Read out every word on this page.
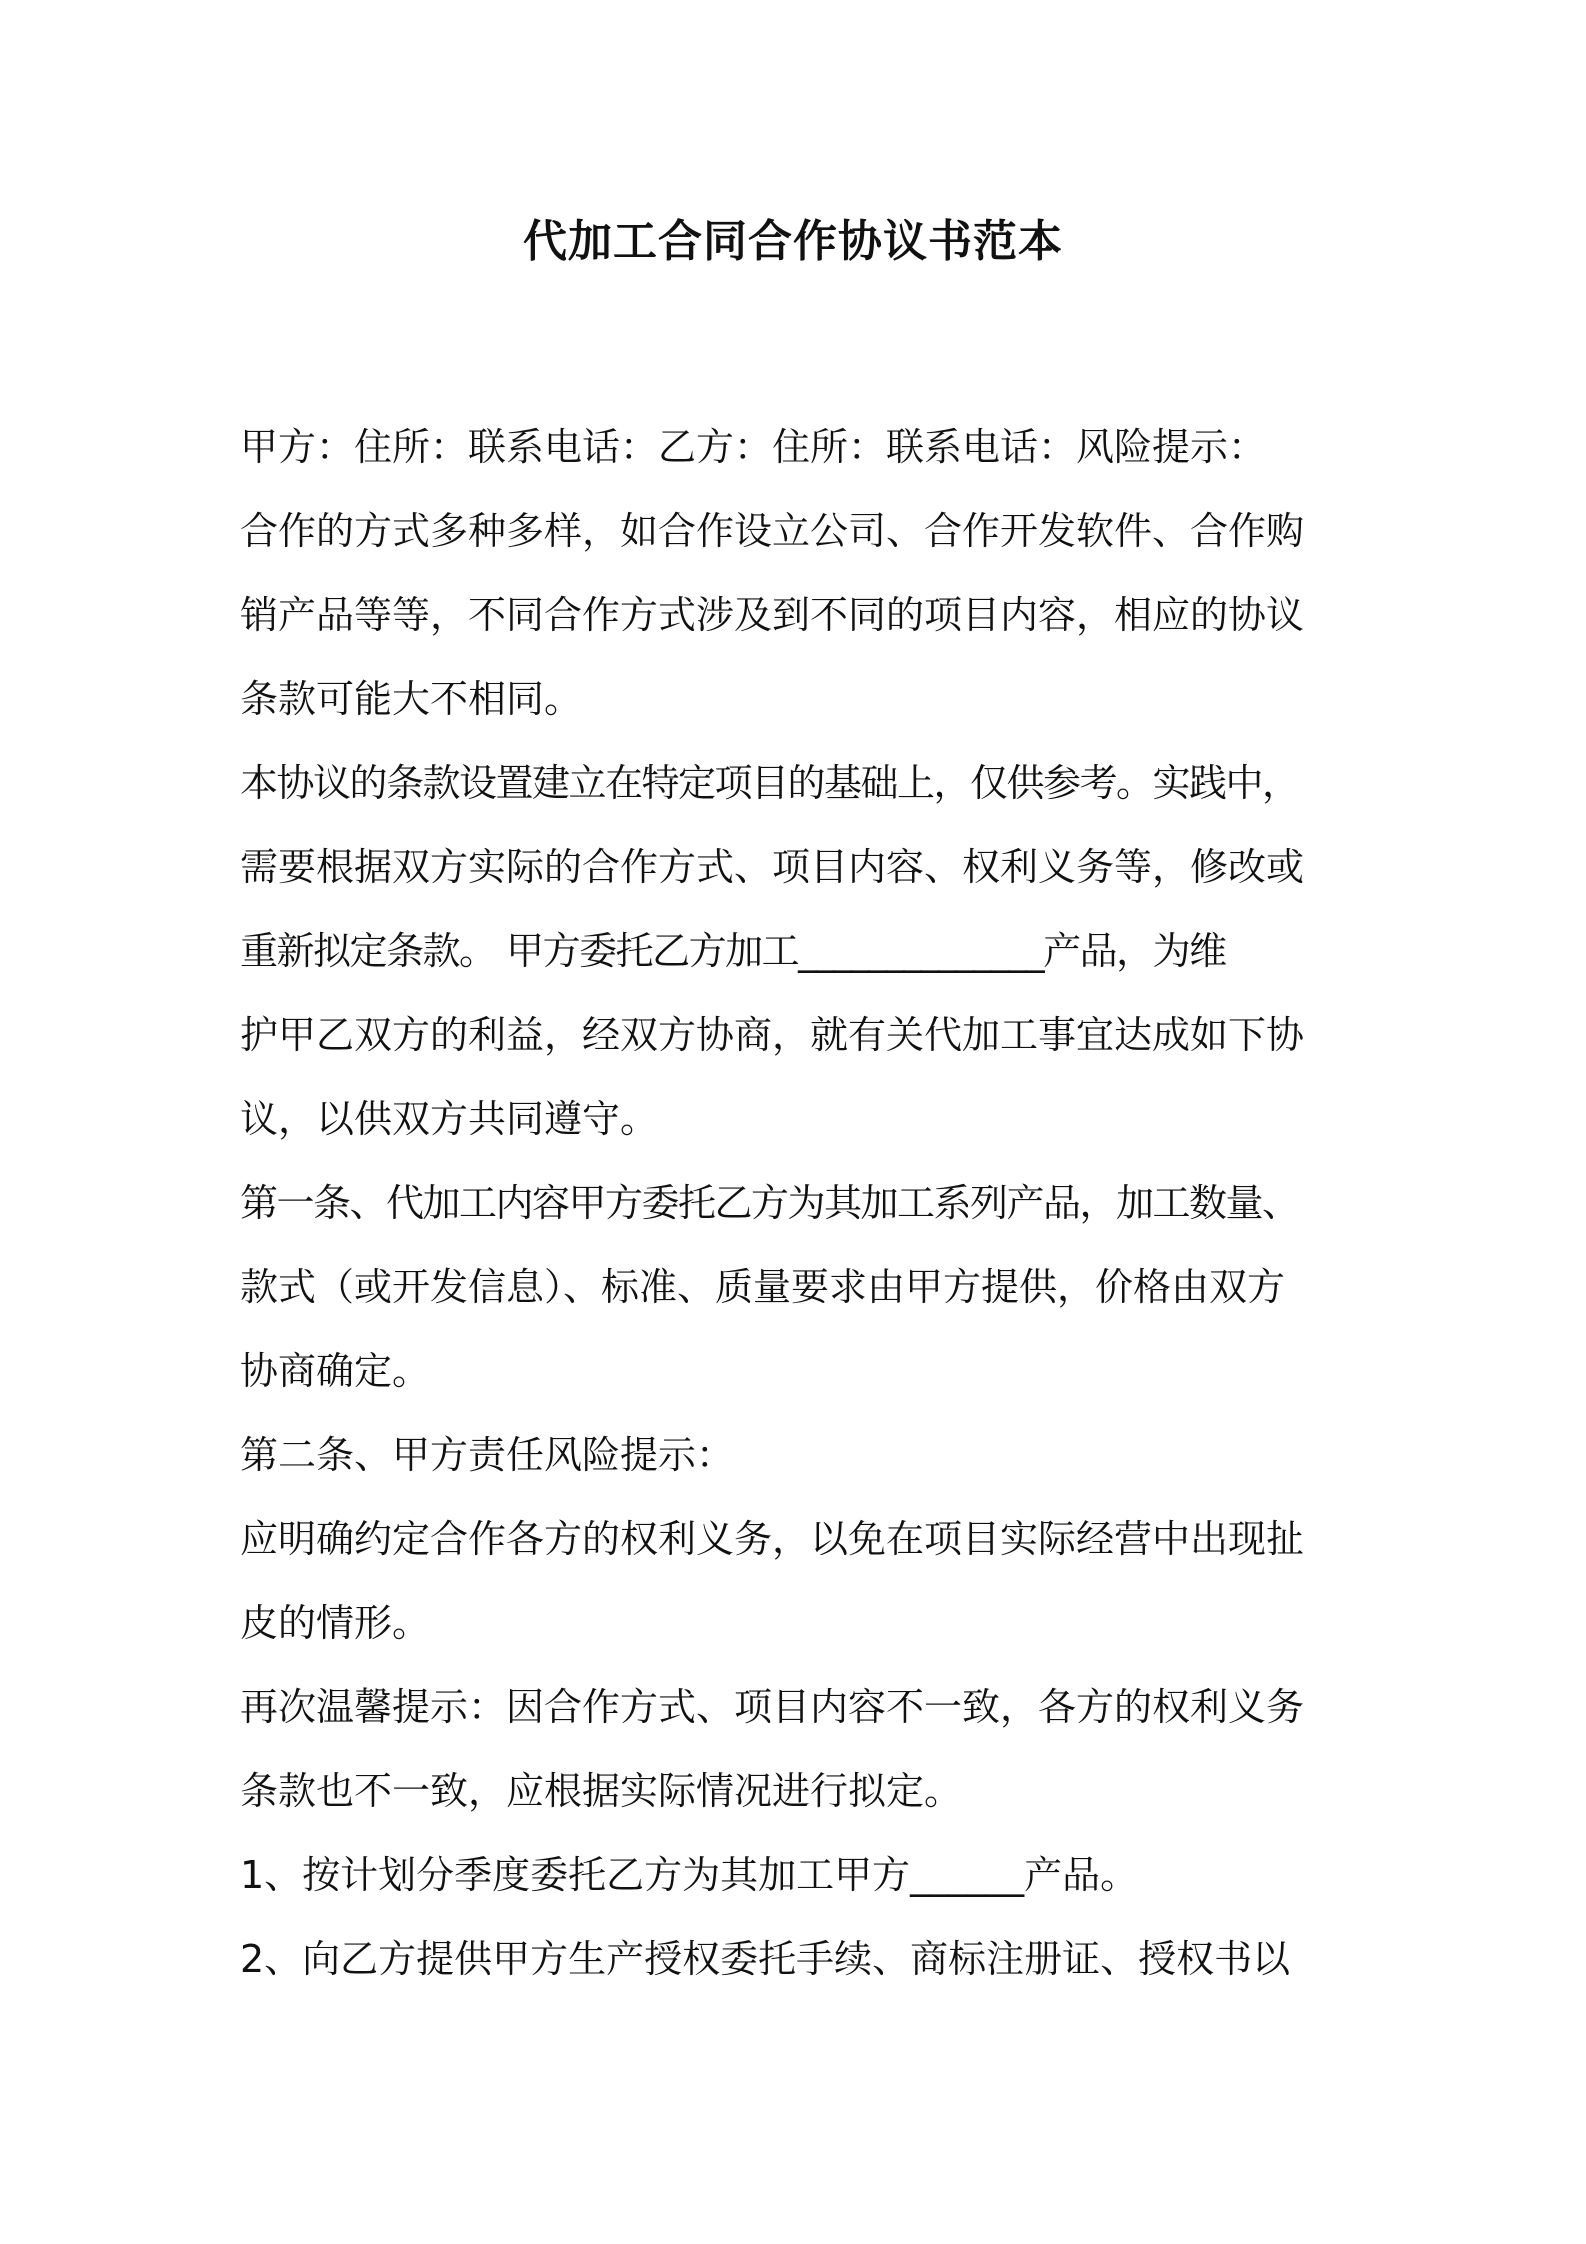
代加工合同合作协议书范本
甲方：住所：联系电话：乙方：住所：联系电话：风险提示：
合作的方式多种多样，如合作设立公司、合作开发软件、合作购
销产品等等，不同合作方式涉及到不同的项目内容，相应的协议
条款可能大不相同。
本协议的条款设置建立在特定项目的基础上，仅供参考。实践中，
需要根据双方实际的合作方式、项目内容、权利义务等，修改或
重新拟定条款。 甲方委托乙方加工______________产品，为维
护甲乙双方的利益，经双方协商，就有关代加工事宜达成如下协
议，以供双方共同遵守。
第一条、代加工内容甲方委托乙方为其加工系列产品，加工数量、
款式（或开发信息）、标准、质量要求由甲方提供，价格由双方
协商确定。
第二条、甲方责任风险提示：
应明确约定合作各方的权利义务，以免在项目实际经营中出现扯
皮的情形。
再次温馨提示：因合作方式、项目内容不一致，各方的权利义务
条款也不一致，应根据实际情况进行拟定。
1、按计划分季度委托乙方为其加工甲方______产品。
2、向乙方提供甲方生产授权委托手续、商标注册证、授权书以
